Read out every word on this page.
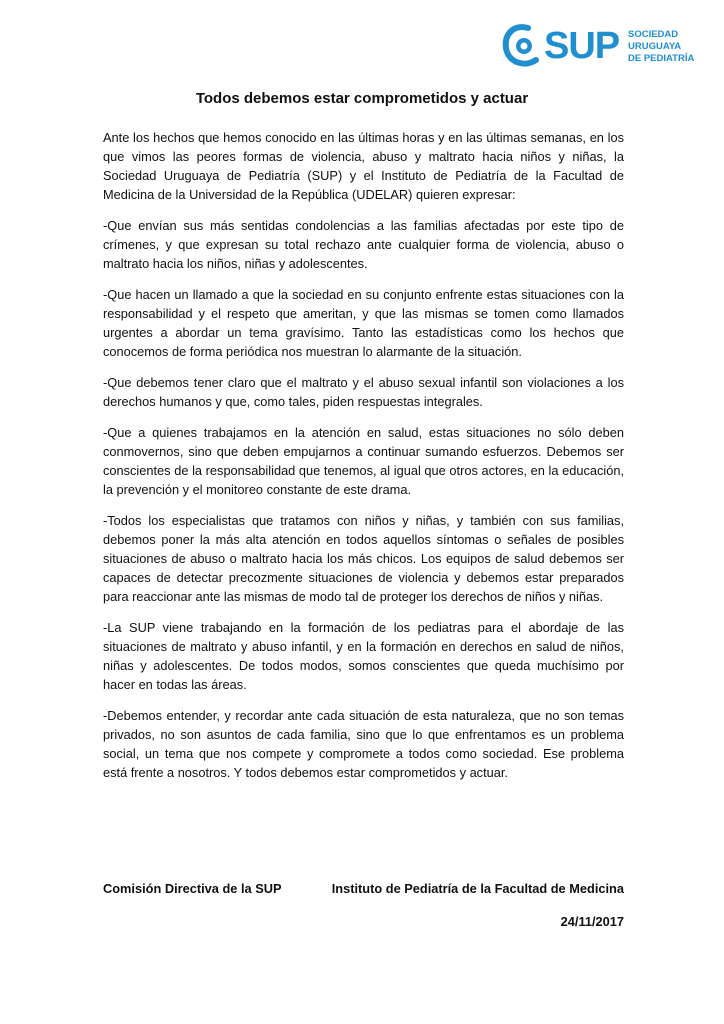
SUP SOCIEDAD
URUGUAYA
DE PEDIATRÍA
Todos debemos estar comprometidos y actuar

Ante los hechos que hemos conocido en las últimas horas y en las últimas semanas, en los que vimos las peores formas de violencia, abuso y maltrato hacia niños y niñas, la Sociedad Uruguaya de Pediatría (SUP) y el Instituto de Pediatría de la Facultad de Medicina de la Universidad de la República (UDELAR) quieren expresar:

-Que envían sus más sentidas condolencias a las familias afectadas por este tipo de crímenes, y que expresan su total rechazo ante cualquier forma de violencia, abuso o maltrato hacia los niños, niñas y adolescentes.

-Que hacen un llamado a que la sociedad en su conjunto enfrente estas situaciones con la responsabilidad y el respeto que ameritan, y que las mismas se tomen como llamados urgentes a abordar un tema gravísimo. Tanto las estadísticas como los hechos que conocemos de forma periódica nos muestran lo alarmante de la situación.

-Que debemos tener claro que el maltrato y el abuso sexual infantil son violaciones a los derechos humanos y que, como tales, piden respuestas integrales.

-Que a quienes trabajamos en la atención en salud, estas situaciones no sólo deben conmovernos, sino que deben empujarnos a continuar sumando esfuerzos. Debemos ser conscientes de la responsabilidad que tenemos, al igual que otros actores, en la educación, la prevención y el monitoreo constante de este drama.

-Todos los especialistas que tratamos con niños y niñas, y también con sus familias, debemos poner la más alta atención en todos aquellos síntomas o señales de posibles situaciones de abuso o maltrato hacia los más chicos. Los equipos de salud debemos ser capaces de detectar precozmente situaciones de violencia y debemos estar preparados para reaccionar ante las mismas de modo tal de proteger los derechos de niños y niñas.

-La SUP viene trabajando en la formación de los pediatras para el abordaje de las situaciones de maltrato y abuso infantil, y en la formación en derechos en salud de niños, niñas y adolescentes. De todos modos, somos conscientes que queda muchísimo por hacer en todas las áreas.

-Debemos entender, y recordar ante cada situación de esta naturaleza, que no son temas privados, no son asuntos de cada familia, sino que lo que enfrentamos es un problema social, un tema que nos compete y compromete a todos como sociedad. Ese problema está frente a nosotros. Y todos debemos estar comprometidos y actuar.

Comisión Directiva de la SUP	Instituto de Pediatría de la Facultad de Medicina
24/11/2017
